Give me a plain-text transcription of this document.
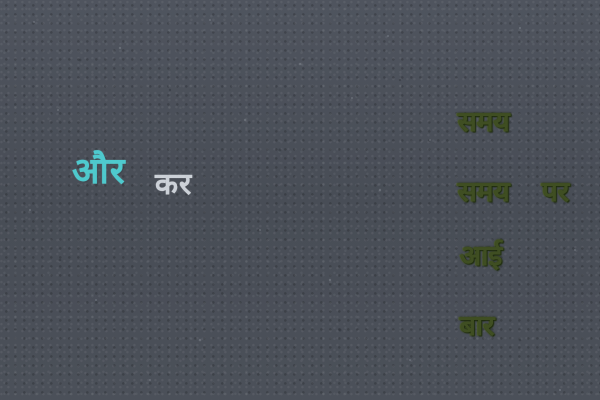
और कर
समय
समय पर
आई
बार
